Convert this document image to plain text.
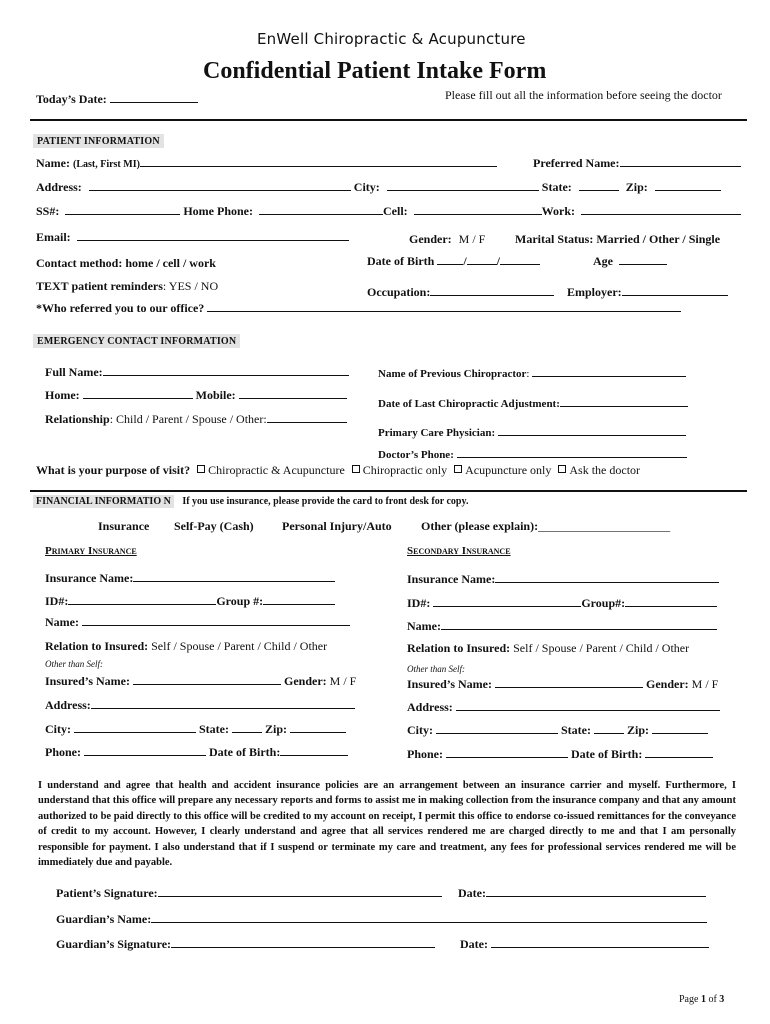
EnWell Chiropractic & Acupuncture
Confidential Patient Intake Form
Please fill out all the information before seeing the doctor
Today’s Date:
PATIENT INFORMATION
Name: (Last, First MI)	Preferred Name:
Address:	City:	State:	Zip:
SS#:	Home Phone:	Cell:	Work:
Email:	Gender: M / F Marital Status: Married / Other / Single
Contact method: home / cell / work	Date of Birth /	/	Age
TEXT patient reminders: YES / NO	Occupation:	Employer:
*Who referred you to our office?
EMERGENCY CONTACT INFORMATION
Full Name:	Name of Previous Chiropractor:
Home:	Mobile:
Date of Last Chiropractic Adjustment:
Relationship: Child / Parent / Spouse / Other:
Primary Care Physician:
Doctor’s Phone:
What is your purpose of visit? Chiropractic & Acupuncture Chiropractic only Acupuncture only Ask the doctor
FINANCIAL INFORMATIO N If you use insurance, please provide the card to front desk for copy.
Insurance Self-Pay (Cash) Personal Injury/Auto Other (please explain):______________________
Primary Insurance
Insurance Name:
ID#:	Group #:
Name:
Relation to Insured: Self / Spouse / Parent / Child / Other
Other than Self:
Insured’s Name:	Gender: M / F
Address:
City:	State:	Zip:
Phone:	Date of Birth:
Secondary Insurance
Insurance Name:
ID#:	Group#:
Name:
Relation to Insured: Self / Spouse / Parent / Child / Other
Other than Self:
Insured’s Name:	Gender: M / F
Address:
City:	State:	Zip:
Phone:	Date of Birth:
I understand and agree that health and accident insurance policies are an arrangement between an insurance carrier and myself. Furthermore, I understand that this office will prepare any necessary reports and forms to assist me in making collection from the insurance company and that any amount authorized to be paid directly to this office will be credited to my account on receipt, I permit this office to endorse co-issued remittances for the conveyance of credit to my account. However, I clearly understand and agree that all services rendered me are charged directly to me and that I am personally responsible for payment. I also understand that if I suspend or terminate my care and treatment, any fees for professional services rendered me will be immediately due and payable.
Patient’s Signature:	Date:
Guardian’s Name:
Guardian’s Signature:	Date:
Page 1 of 3
